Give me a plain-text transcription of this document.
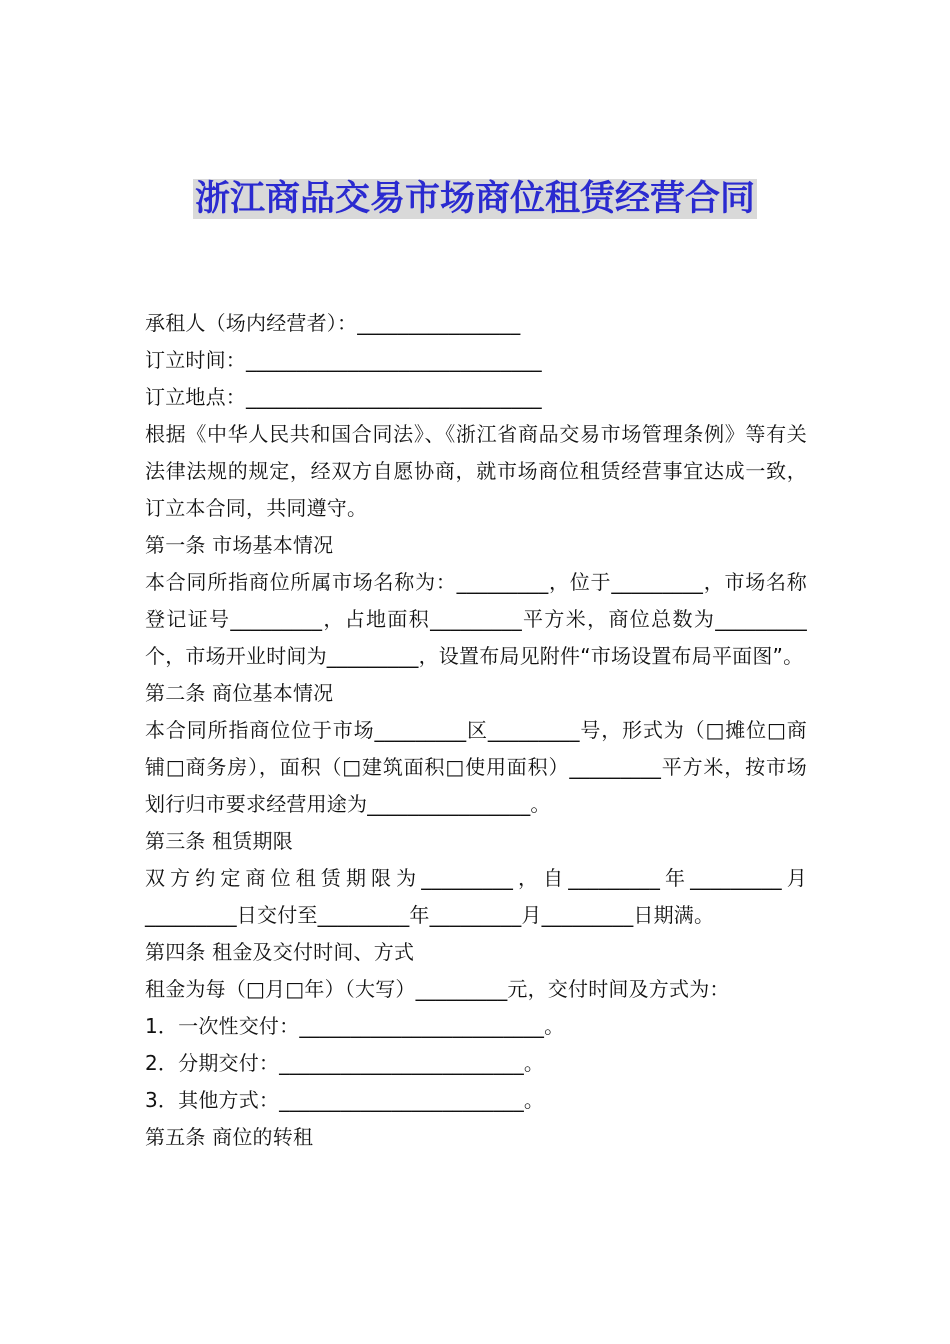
浙江商品交易市场商位租赁经营合同

承租人（场内经营者）：________________

订立时间：_____________________________

订立地点：_____________________________

根据《中华人民共和国合同法》、《浙江省商品交易市场管理条例》等有关法律法规的规定，经双方自愿协商，就市场商位租赁经营事宜达成一致，订立本合同，共同遵守。

第一条 市场基本情况

本合同所指商位所属市场名称为：_________，位于_________，市场名称登记证号_________，占地面积_________平方米，商位总数为_________个，市场开业时间为_________，设置布局见附件“市场设置布局平面图”。

第二条 商位基本情况

本合同所指商位位于市场_________区_________号，形式为（□摊位□商铺□商务房），面积（□建筑面积□使用面积）_________平方米，按市场划行归市要求经营用途为________________。

第三条 租赁期限

双方约定商位租赁期限为_________，自_________年_________月_________日交付至_________年_________月_________日期满。

第四条 租金及交付时间、方式

租金为每（□月□年）（大写）_________元，交付时间及方式为：

1．一次性交付：________________________。

2．分期交付：________________________。

3．其他方式：________________________。

第五条 商位的转租
